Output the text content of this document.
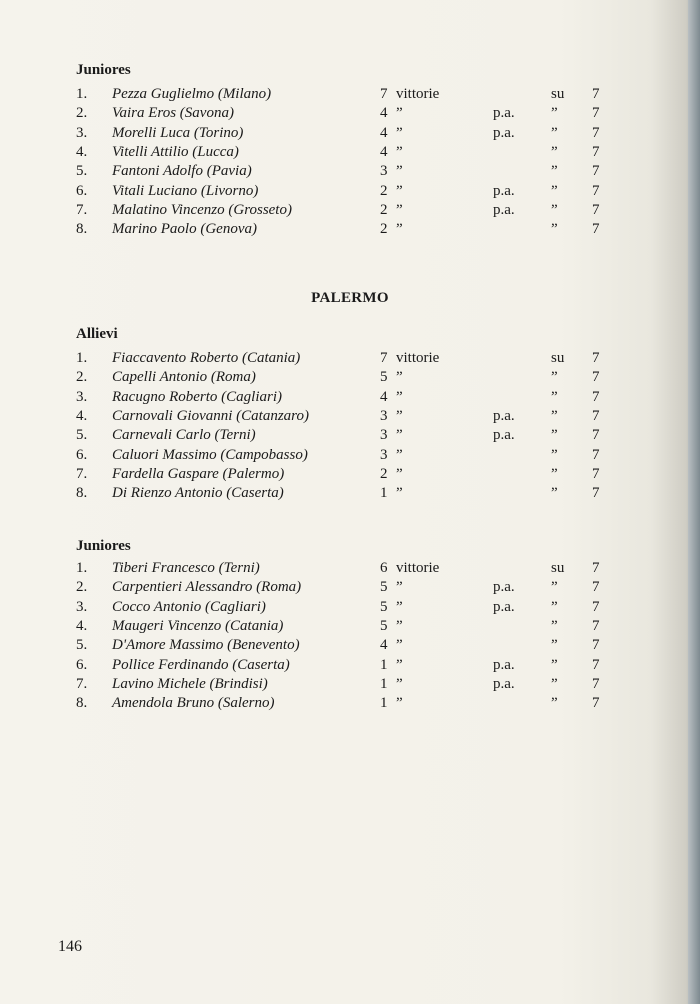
Juniores
1. Pezza Guglielmo (Milano)	7 vittorie	su 7
2. Vaira Eros (Savona)	4 ”	p.a. ” 7
3. Morelli Luca (Torino)	4 ”	p.a. ” 7
4. Vitelli Attilio (Lucca)	4 ”	” 7
5. Fantoni Adolfo (Pavia)	3 ”	” 7
6. Vitali Luciano (Livorno)	2 ”	p.a. ” 7
7. Malatino Vincenzo (Grosseto)	2 ”	p.a. ” 7
8. Marino Paolo (Genova)	2 ”	” 7
PALERMO
Allievi
1. Fiaccavento Roberto (Catania)	7 vittorie	su 7
2. Capelli Antonio (Roma)	5 ”	” 7
3. Racugno Roberto (Cagliari)	4 ”	” 7
4. Carnovali Giovanni (Catanzaro)	3 ”	p.a. ” 7
5. Carnevali Carlo (Terni)	3 ”	p.a. ” 7
6. Caluori Massimo (Campobasso)	3 ”	” 7
7. Fardella Gaspare (Palermo)	2 ”	” 7
8. Di Rienzo Antonio (Caserta)	1 ”	” 7
Juniores
1. Tiberi Francesco (Terni)	6 vittorie	su 7
2. Carpentieri Alessandro (Roma)	5 ”	p.a. ” 7
3. Cocco Antonio (Cagliari)	5 ”	p.a. ” 7
4. Maugeri Vincenzo (Catania)	5 ”	” 7
5. D'Amore Massimo (Benevento)	4 ”	” 7
6. Pollice Ferdinando (Caserta)	1 ”	p.a. ” 7
7. Lavino Michele (Brindisi)	1 ”	p.a. ” 7
8. Amendola Bruno (Salerno)	1 ”	” 7
146
